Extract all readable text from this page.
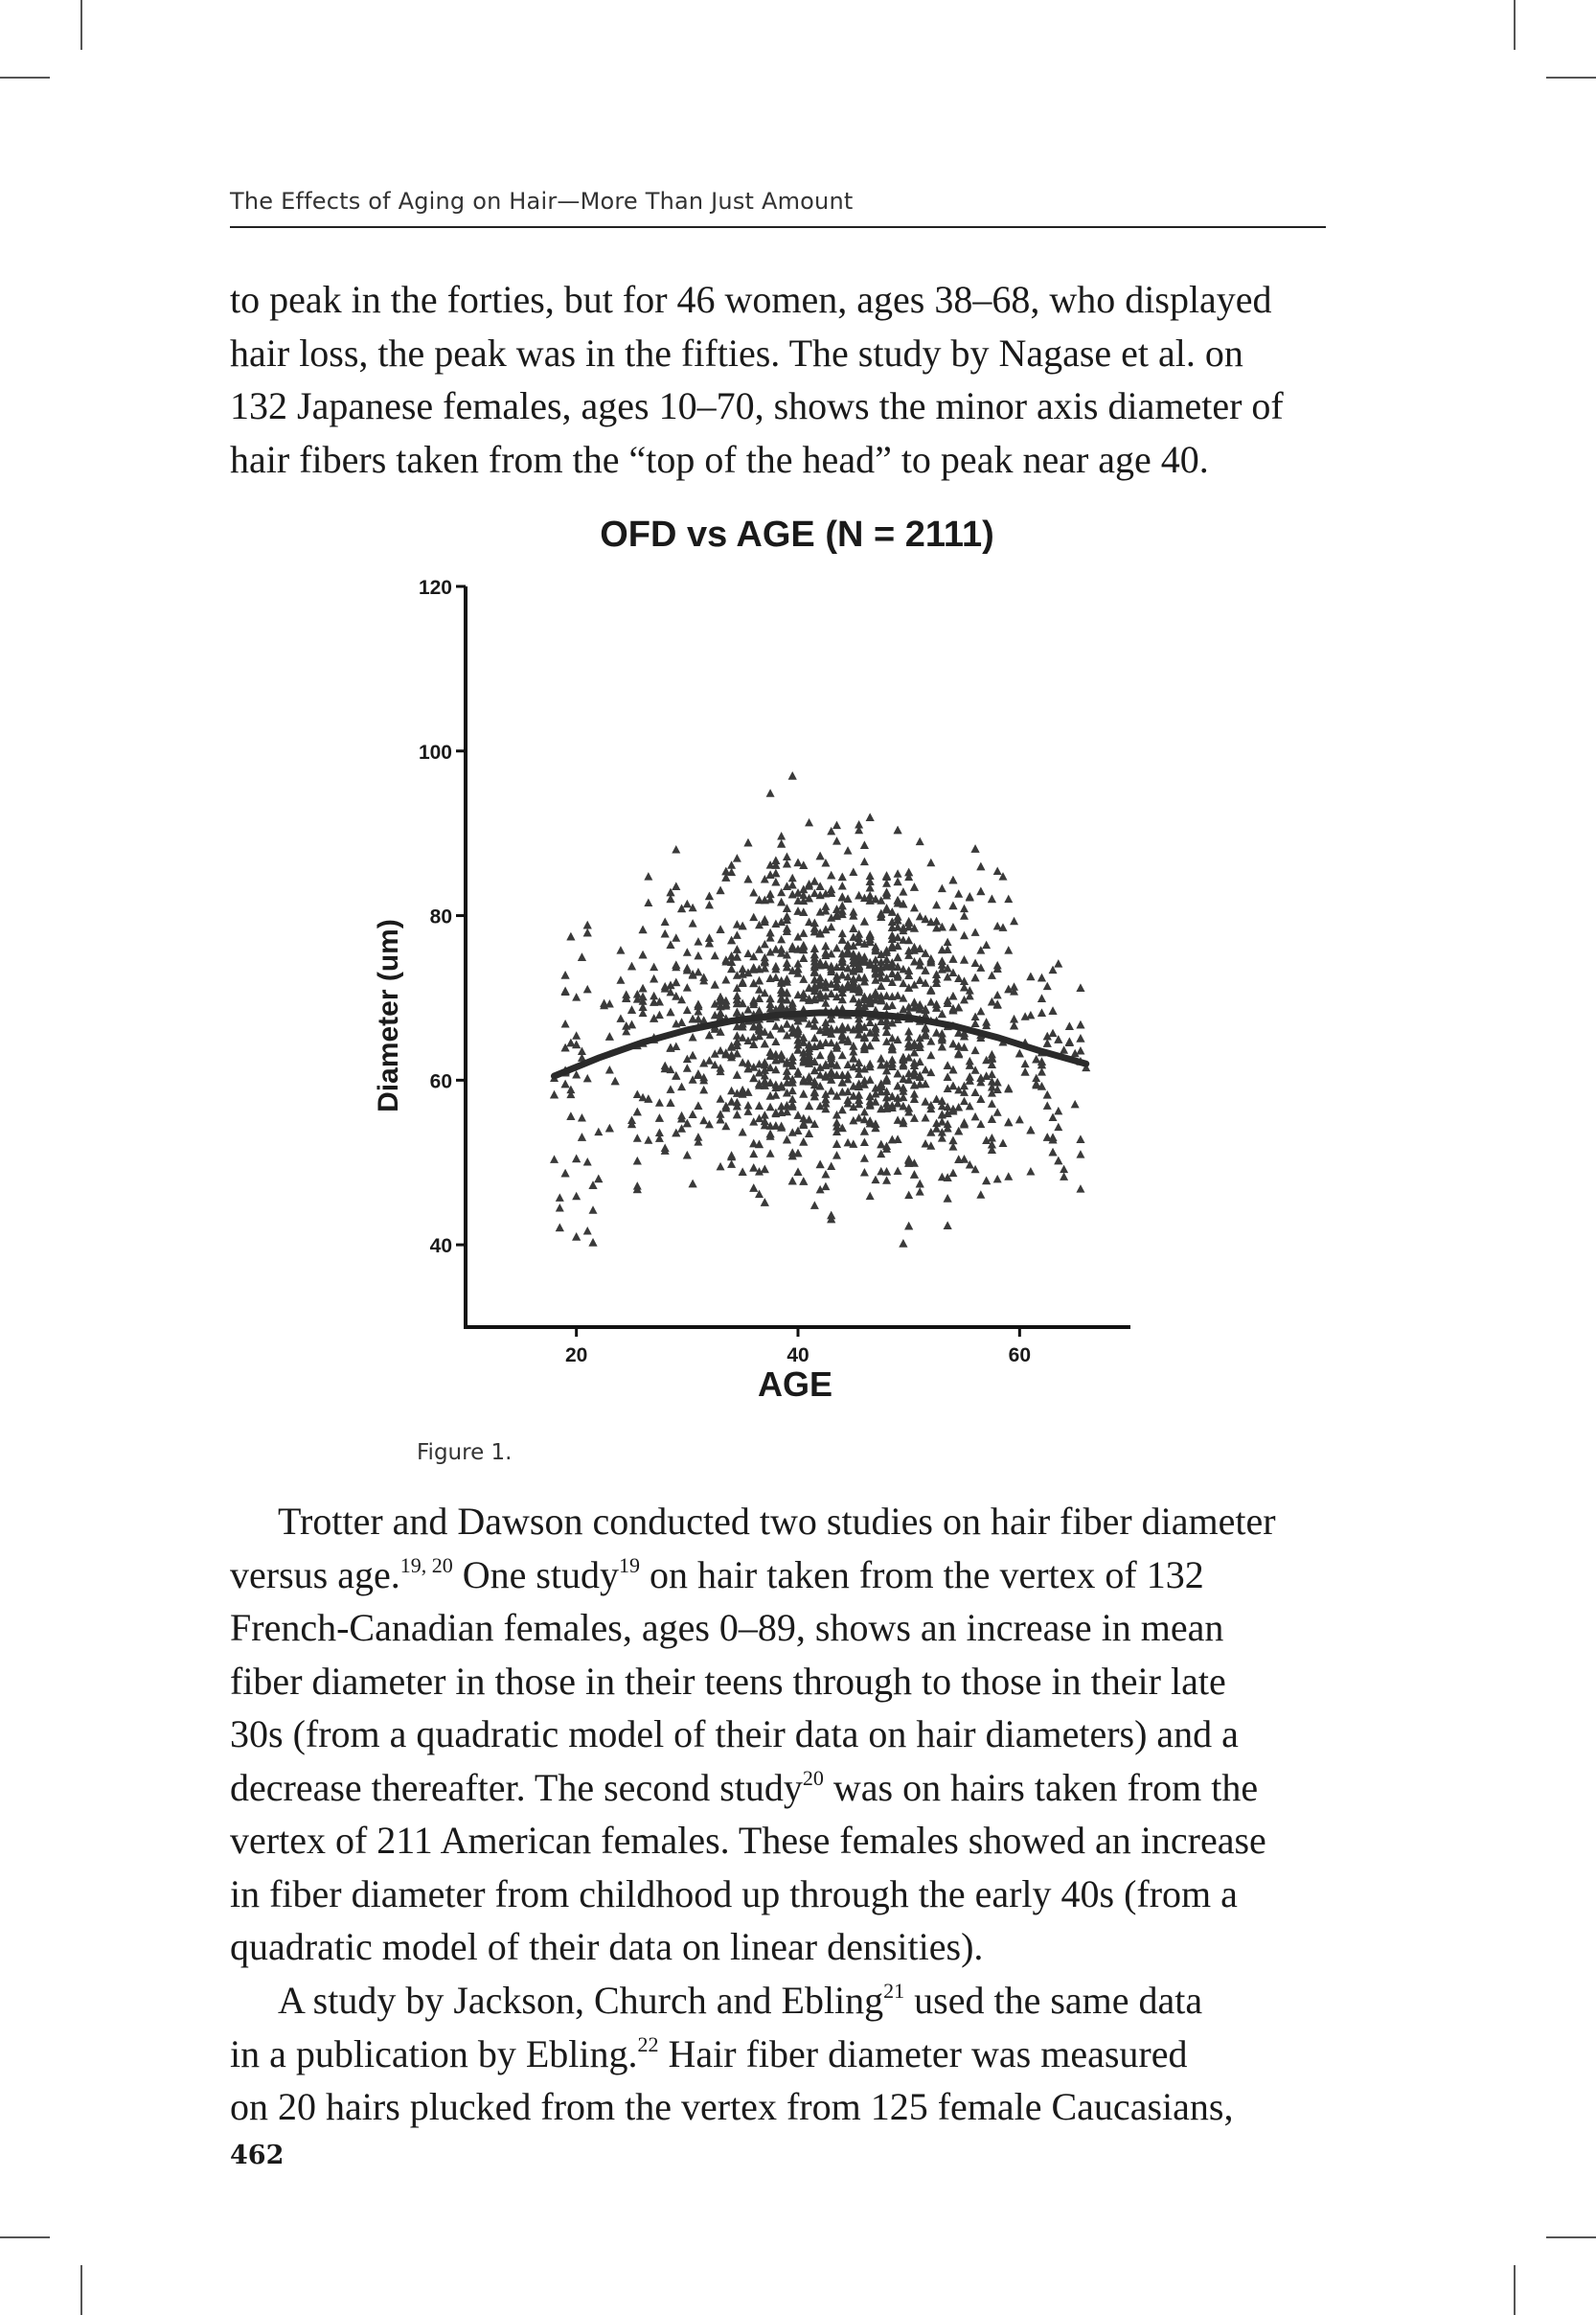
The Effects of Aging on Hair—More Than Just Amount

to peak in the forties, but for 46 women, ages 38–68, who displayed
hair loss, the peak was in the fifties. The study by Nagase et al. on
132 Japanese females, ages 10–70, shows the minor axis diameter of
hair fibers taken from the “top of the head” to peak near age 40.

OFD vs AGE (N = 2111)
40
60
80
100
120
20	40	60
AGE
Diameter (um)
Figure 1.

Trotter and Dawson conducted two studies on hair fiber diameter
versus age.$^{19, 20}$ One study$^{19}$ on hair taken from the vertex of 132
French-Canadian females, ages 0–89, shows an increase in mean
fiber diameter in those in their teens through to those in their late
30s (from a quadratic model of their data on hair diameters) and a
decrease thereafter. The second study$^{20}$ was on hairs taken from the
vertex of 211 American females. These females showed an increase
in fiber diameter from childhood up through the early 40s (from a
quadratic model of their data on linear densities).

A study by Jackson, Church and Ebling$^{21}$ used the same data
in a publication by Ebling.$^{22}$ Hair fiber diameter was measured
on 20 hairs plucked from the vertex from 125 female Caucasians,

462
